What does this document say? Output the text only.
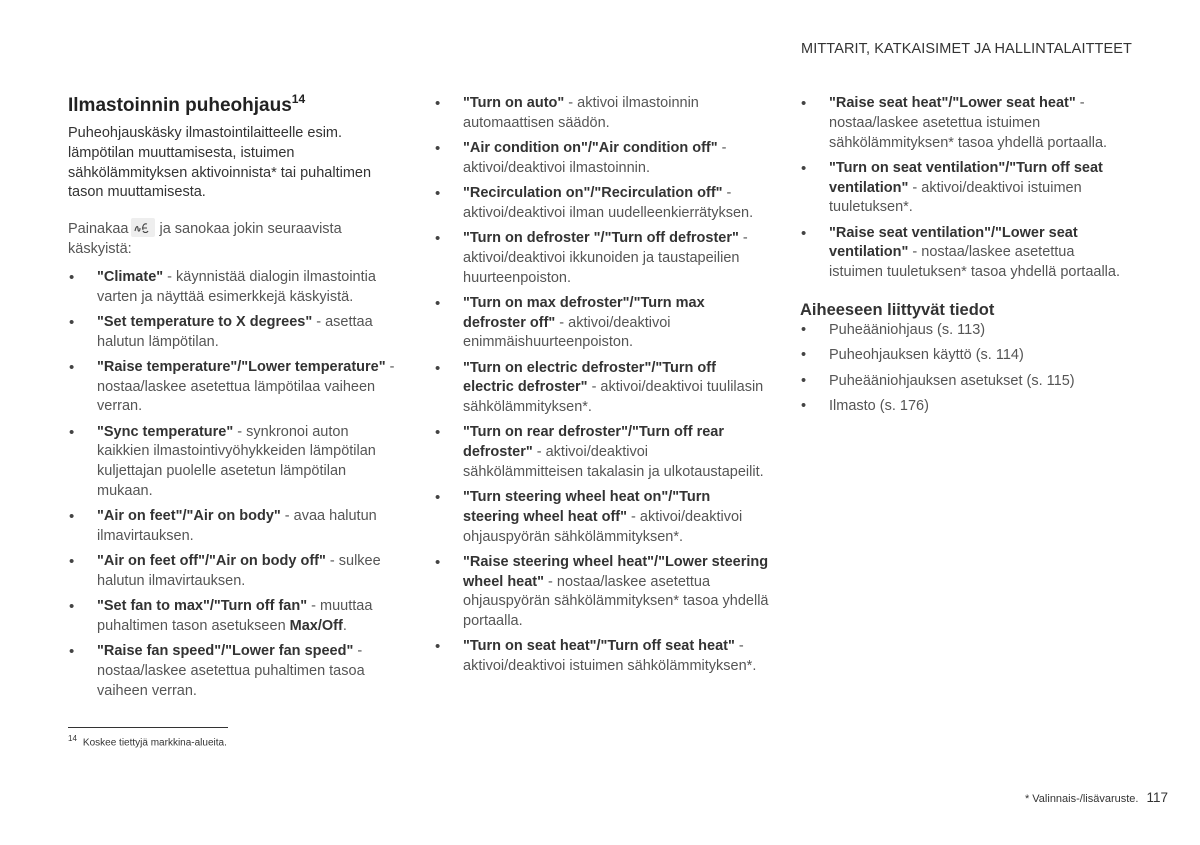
MITTARIT, KATKAISIMET JA HALLINTALAITTEET
Ilmastoinnin puheohjaus$^{14}$

Puheohjauskäsky ilmastointilaitteelle esim. lämpötilan muuttamisesta, istuimen sähkölämmityksen aktivoinnista* tai puhaltimen tason muuttamisesta.

Painakaa ja sanokaa jokin seuraavista käskyistä:

• "Climate" - käynnistää dialogin ilmastointia varten ja näyttää esimerkkejä käskyistä.
• "Set temperature to X degrees" - asettaa halutun lämpötilan.
• "Raise temperature"/"Lower temperature" - nostaa/laskee asetettua lämpötilaa vaiheen verran.
• "Sync temperature" - synkronoi auton kaikkien ilmastointivyöhykkeiden lämpötilan kuljettajan puolelle asetetun lämpötilan mukaan.
• "Air on feet"/"Air on body" - avaa halutun ilmavirtauksen.
• "Air on feet off"/"Air on body off" - sulkee halutun ilmavirtauksen.
• "Set fan to max"/"Turn off fan" - muuttaa puhaltimen tason asetukseen Max/Off.
• "Raise fan speed"/"Lower fan speed" - nostaa/laskee asetettua puhaltimen tasoa vaiheen verran.
• "Turn on auto" - aktivoi ilmastoinnin automaattisen säädön.
• "Air condition on"/"Air condition off" - aktivoi/deaktivoi ilmastoinnin.
• "Recirculation on"/"Recirculation off" - aktivoi/deaktivoi ilman uudelleenkierrätyksen.
• "Turn on defroster "/"Turn off defroster" - aktivoi/deaktivoi ikkunoiden ja taustapeilien huurteenpoiston.
• "Turn on max defroster"/"Turn max defroster off" - aktivoi/deaktivoi enimmäishuurteenpoiston.
• "Turn on electric defroster"/"Turn off electric defroster" - aktivoi/deaktivoi tuulilasin sähkölämmityksen*.
• "Turn on rear defroster"/"Turn off rear defroster" - aktivoi/deaktivoi sähkölämmitteisen takalasin ja ulkotaustapeilit.
• "Turn steering wheel heat on"/"Turn steering wheel heat off" - aktivoi/deaktivoi ohjauspyörän sähkölämmityksen*.
• "Raise steering wheel heat"/"Lower steering wheel heat" - nostaa/laskee asetettua ohjauspyörän sähkölämmityksen* tasoa yhdellä portaalla.
• "Turn on seat heat"/"Turn off seat heat" - aktivoi/deaktivoi istuimen sähkölämmityksen*.
• "Raise seat heat"/"Lower seat heat" - nostaa/laskee asetettua istuimen sähkölämmityksen* tasoa yhdellä portaalla.
• "Turn on seat ventilation"/"Turn off seat ventilation" - aktivoi/deaktivoi istuimen tuuletuksen*.
• "Raise seat ventilation"/"Lower seat ventilation" - nostaa/laskee asetettua istuimen tuuletuksen* tasoa yhdellä portaalla.
Aiheeseen liittyvät tiedot
• Puheääniohjaus (s. 113)
• Puheohjauksen käyttö (s. 114)
• Puheääniohjauksen asetukset (s. 115)
• Ilmasto (s. 176)
$^{14}$ Koskee tiettyjä markkina-alueita.
* Valinnais-/lisävaruste. 117
